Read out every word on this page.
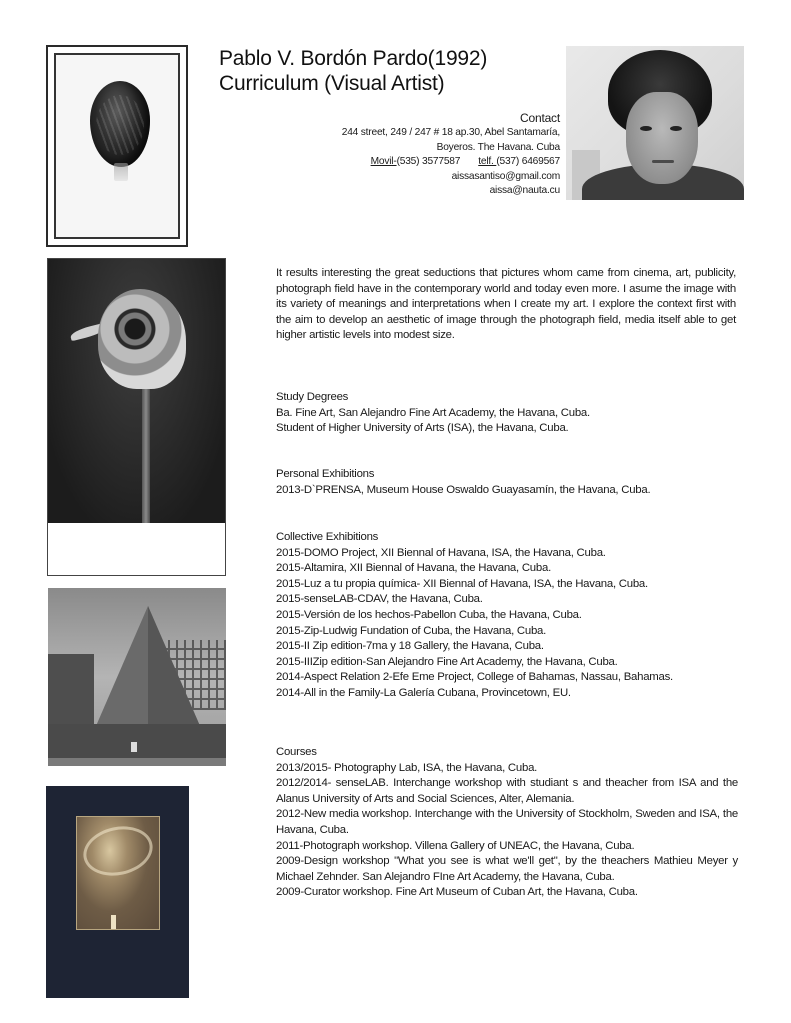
Pablo V. Bordón Pardo(1992)
Curriculum (Visual Artist)
Contact
244 street, 249 / 247 # 18 ap.30, Abel Santamaría,
Boyeros. The Havana. Cuba
Movil-(535) 3577587 telf. (537) 6469567
aissasantiso@gmail.com
aissa@nauta.cu
It results interesting the great seductions that pictures whom came from cinema, art, publicity, photograph field have in the contemporary world and today even more. I asume the image with its variety of meanings and interpretations when I create my art. I explore the context first with the aim to develop an aesthetic of image through the photograph field, media itself able to get higher artistic levels into modest size.
Study Degrees
Ba. Fine Art, San Alejandro Fine Art Academy, the Havana, Cuba.
Student of Higher University of Arts (ISA), the Havana, Cuba.
Personal Exhibitions
2013-D`PRENSA, Museum House Oswaldo Guayasamín, the Havana, Cuba.
Collective Exhibitions
2015-DOMO Project, XII Biennal of Havana, ISA, the Havana, Cuba.
2015-Altamira, XII Biennal of Havana, the Havana, Cuba.
2015-Luz a tu propia química- XII Biennal of Havana, ISA, the Havana, Cuba.
2015-senseLAB-CDAV, the Havana, Cuba.
2015-Versión de los hechos-Pabellon Cuba, the Havana, Cuba.
2015-Zip-Ludwig Fundation of Cuba, the Havana, Cuba.
2015-II Zip edition-7ma y 18 Gallery, the Havana, Cuba.
2015-IIIZip edition-San Alejandro Fine Art Academy, the Havana, Cuba.
2014-Aspect Relation 2-Efe Eme Project, College of Bahamas, Nassau, Bahamas.
2014-All in the Family-La Galería Cubana, Provincetown, EU.
Courses
2013/2015- Photography Lab, ISA, the Havana, Cuba.
2012/2014- senseLAB. Interchange workshop with studiant s and theacher from ISA and the Alanus University of Arts and Social Sciences, Alter, Alemania.
2012-New media workshop. Interchange with the University of Stockholm, Sweden and ISA, the Havana, Cuba.
2011-Photograph workshop. Villena Gallery of UNEAC, the Havana, Cuba.
2009-Design workshop "What you see is what we'll get", by the theachers Mathieu Meyer y Michael Zehnder. San Alejandro FIne Art Academy, the Havana, Cuba.
2009-Curator workshop. Fine Art Museum of Cuban Art, the Havana, Cuba.
